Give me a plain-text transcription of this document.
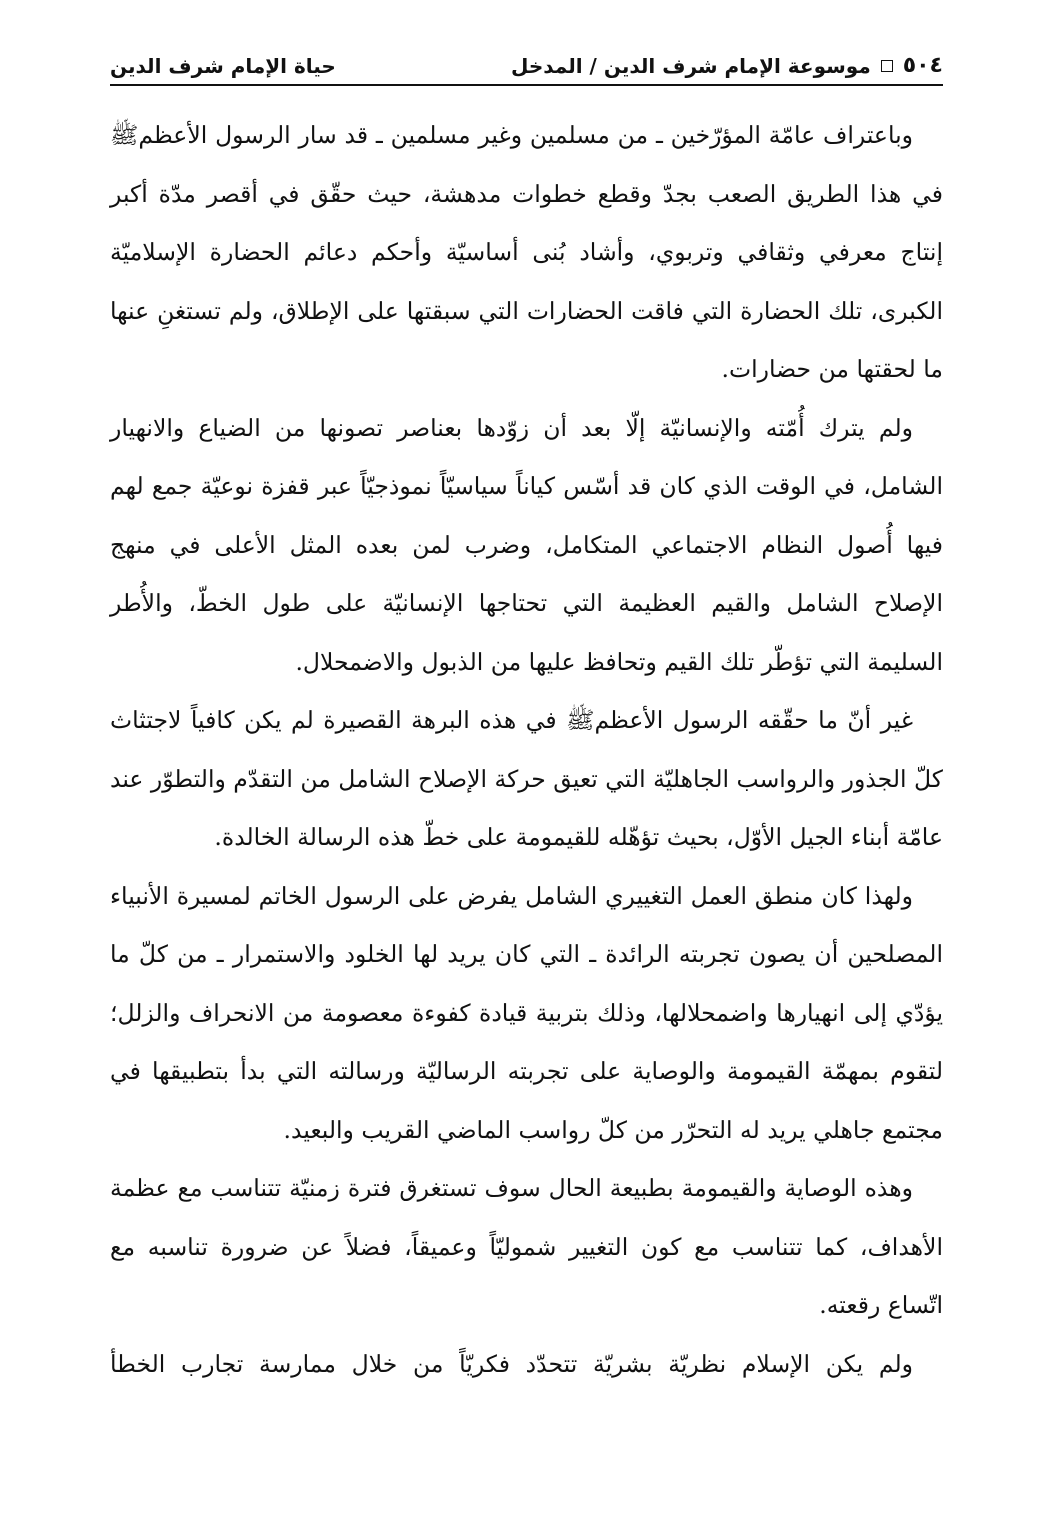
٥٠٤
موسوعة الإمام شرف الدين / المدخل
حياة الإمام شرف الدين

وباعتراف عامّة المؤرّخين ـ من مسلمين وغير مسلمين ـ قد سار الرسول الأعظمﷺ في هذا الطريق الصعب بجدّ وقطع خطوات مدهشة، حيث حقّق في أقصر مدّة أكبر إنتاج معرفي وثقافي وتربوي، وأشاد بُنى أساسيّة وأحكم دعائم الحضارة الإسلاميّة الكبرى، تلك الحضارة التي فاقت الحضارات التي سبقتها على الإطلاق، ولم تستغنِ عنها ما لحقتها من حضارات.

ولم يترك أُمّته والإنسانيّة إلّا بعد أن زوّدها بعناصر تصونها من الضياع والانهيار الشامل، في الوقت الذي كان قد أسّس كياناً سياسيّاً نموذجيّاً عبر قفزة نوعيّة جمع لهم فيها أُصول النظام الاجتماعي المتكامل، وضرب لمن بعده المثل الأعلى في منهج الإصلاح الشامل والقيم العظيمة التي تحتاجها الإنسانيّة على طول الخطّ، والأُطر السليمة التي تؤطّر تلك القيم وتحافظ عليها من الذبول والاضمحلال.

غير أنّ ما حقّقه الرسول الأعظمﷺ في هذه البرهة القصيرة لم يكن كافياً لاجتثاث كلّ الجذور والرواسب الجاهليّة التي تعيق حركة الإصلاح الشامل من التقدّم والتطوّر عند عامّة أبناء الجيل الأوّل، بحيث تؤهّله للقيمومة على خطّ هذه الرسالة الخالدة.

ولهذا كان منطق العمل التغييري الشامل يفرض على الرسول الخاتم لمسيرة الأنبياء المصلحين أن يصون تجربته الرائدة ـ التي كان يريد لها الخلود والاستمرار ـ من كلّ ما يؤدّي إلى انهيارها واضمحلالها، وذلك بتربية قيادة كفوءة معصومة من الانحراف والزلل؛ لتقوم بمهمّة القيمومة والوصاية على تجربته الرساليّة ورسالته التي بدأ بتطبيقها في مجتمع جاهلي يريد له التحرّر من كلّ رواسب الماضي القريب والبعيد.

وهذه الوصاية والقيمومة بطبيعة الحال سوف تستغرق فترة زمنيّة تتناسب مع عظمة الأهداف، كما تتناسب مع كون التغيير شموليّاً وعميقاً، فضلاً عن ضرورة تناسبه مع اتّساع رقعته.

ولم يكن الإسلام نظريّة بشريّة تتحدّد فكريّاً من خلال ممارسة تجارب الخطأ
